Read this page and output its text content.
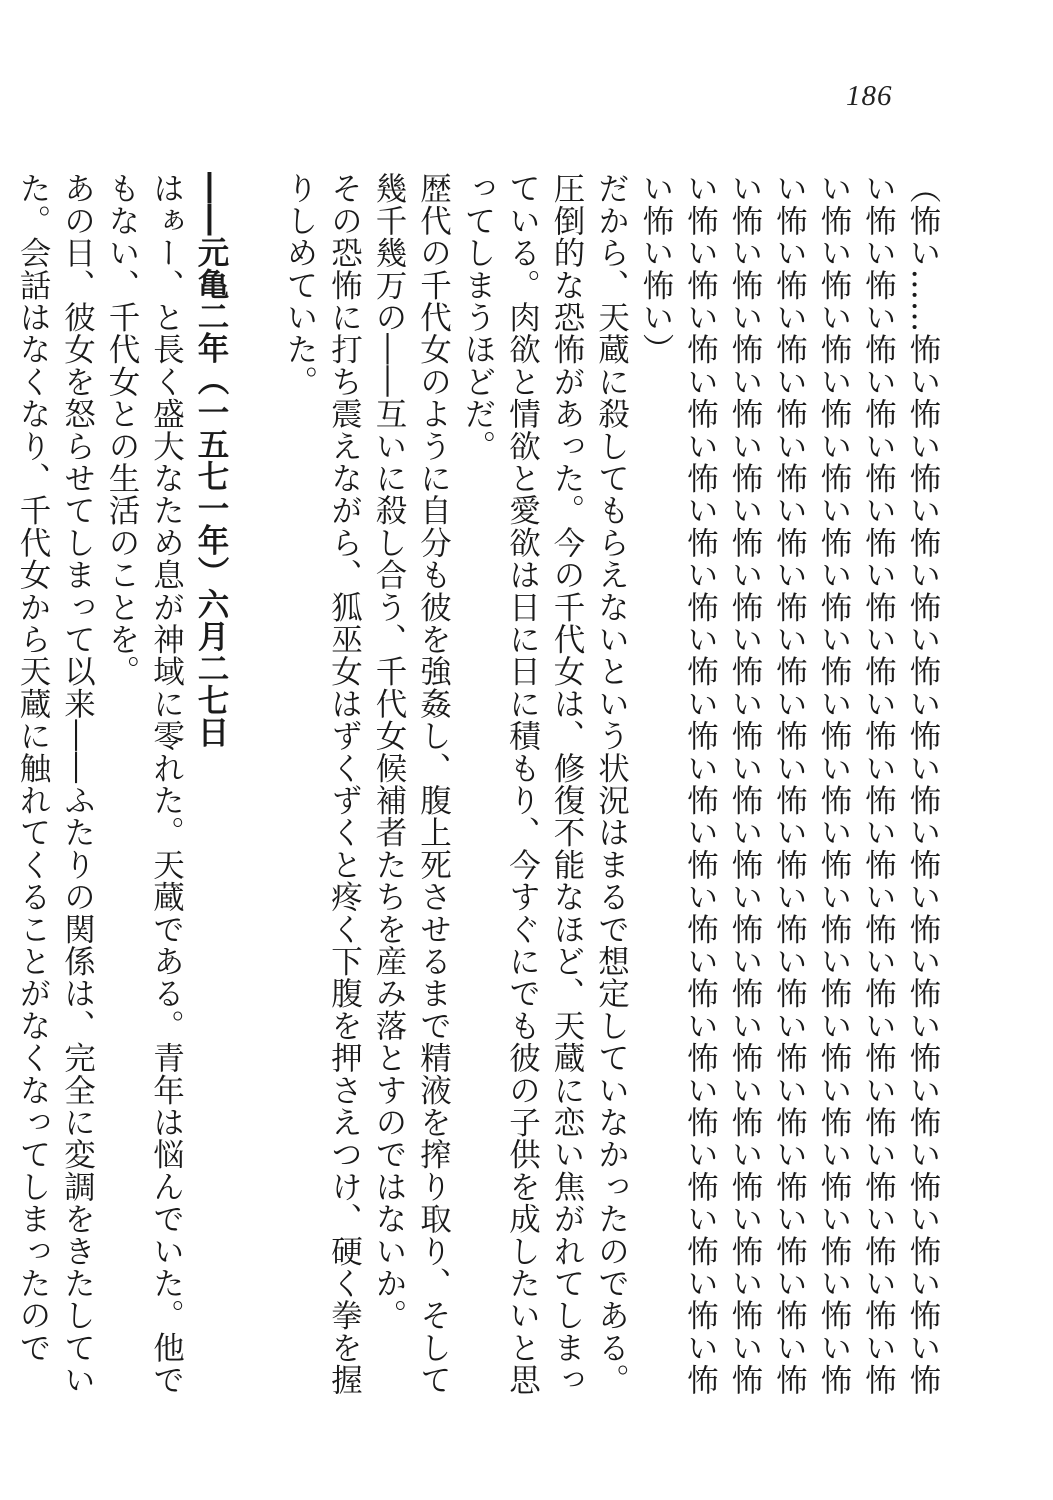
186

（怖い……怖い怖い怖い怖い怖い怖い怖い怖い怖い怖い怖い怖い怖い怖い怖い怖い怖い怖い怖い怖い怖い怖い怖い怖い怖い怖い怖い怖い怖い怖い怖い怖い怖い怖い怖い怖い怖い怖い怖い怖い怖い怖い怖い怖い怖い怖い怖い怖い怖い怖い怖い怖い怖い怖い怖い怖い怖い怖い怖い怖い怖い怖い怖い怖い怖い怖い怖い怖い怖い怖い怖い怖い怖い怖い怖い怖い怖い怖い怖い怖い怖い怖い怖い怖い怖い怖い怖い怖い怖い怖い怖い怖い怖い怖い怖い怖い怖い怖い怖い怖い怖い怖い怖い怖い怖い怖い怖い怖い怖い怖い怖い怖い怖い怖い）

だから、天蔵に殺してもらえないという状況はまるで想定していなかったのである。

圧倒的な恐怖があった。今の千代女は、修復不能なほど、天蔵に恋い焦がれてしまっている。肉欲と情欲と愛欲は日に日に積もり、今すぐにでも彼の子供を成したいと思ってしまうほどだ。

歴代の千代女のように自分も彼を強姦し、腹上死させるまで精液を搾り取り、そして幾千幾万の――互いに殺し合う、千代女候補者たちを産み落とすのではないか。

その恐怖に打ち震えながら、狐巫女はずくずくと疼く下腹を押さえつけ、硬く拳を握りしめていた。

――元亀二年（一五七一年）六月二七日

はぁー、と長く盛大なため息が神域に零れた。天蔵である。青年は悩んでいた。他でもない、千代女との生活のことを。

あの日、彼女を怒らせてしまって以来――ふたりの関係は、完全に変調をきたしていた。会話はなくなり、千代女から天蔵に触れてくることがなくなってしまったので
